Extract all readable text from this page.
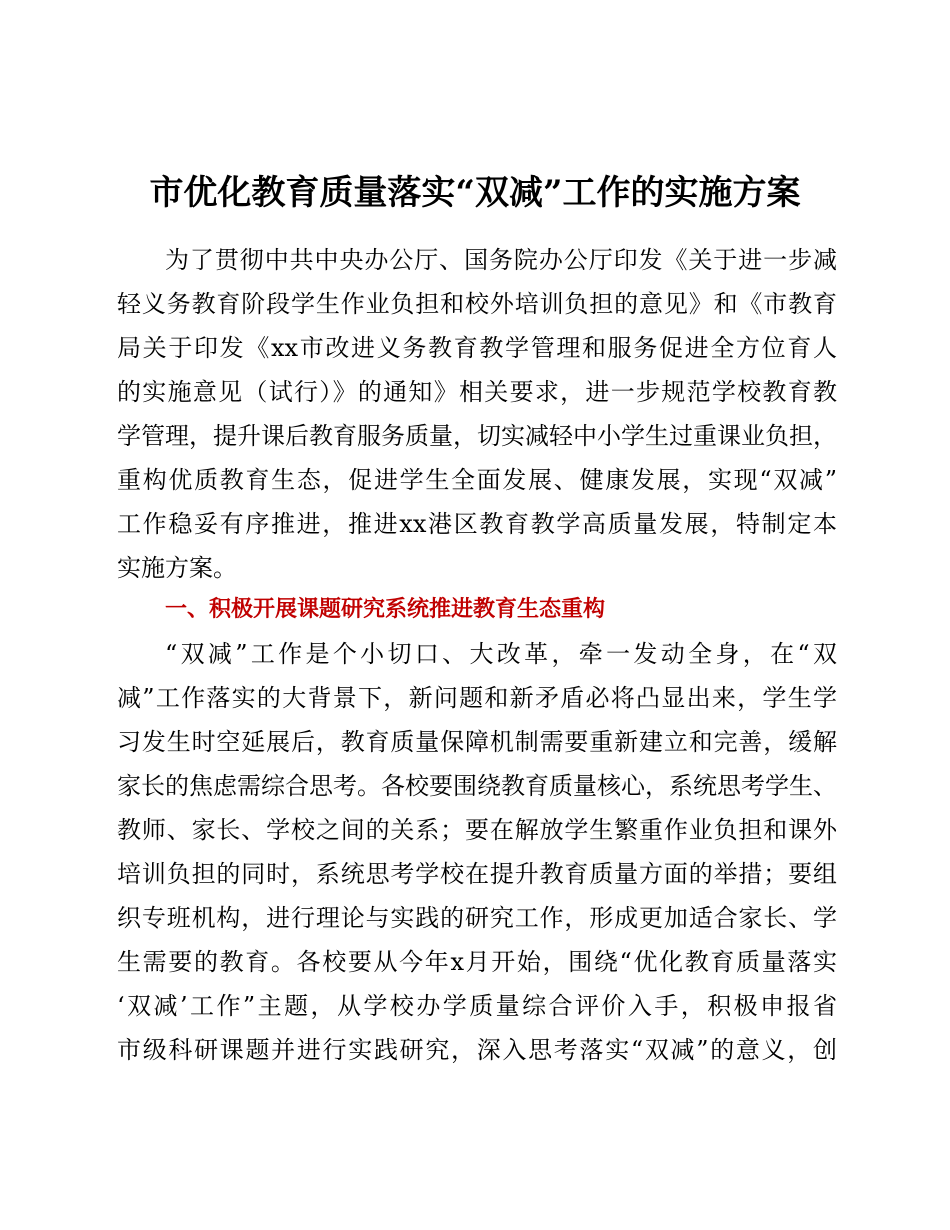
市优化教育质量落实“双减”工作的实施方案
为了贯彻中共中央办公厅、国务院办公厅印发《关于进一步减
轻义务教育阶段学生作业负担和校外培训负担的意见》和《市教育
局关于印发《xx市改进义务教育教学管理和服务促进全方位育人
的实施意见（试行）》的通知》相关要求，进一步规范学校教育教
学管理，提升课后教育服务质量，切实减轻中小学生过重课业负担，
重构优质教育生态，促进学生全面发展、健康发展，实现“双减”
工作稳妥有序推进，推进xx港区教育教学高质量发展，特制定本
实施方案。
一、积极开展课题研究系统推进教育生态重构
“双减”工作是个小切口、大改革，牵一发动全身，在“双
减”工作落实的大背景下，新问题和新矛盾必将凸显出来，学生学
习发生时空延展后，教育质量保障机制需要重新建立和完善，缓解
家长的焦虑需综合思考。各校要围绕教育质量核心，系统思考学生、
教师、家长、学校之间的关系；要在解放学生繁重作业负担和课外
培训负担的同时，系统思考学校在提升教育质量方面的举措；要组
织专班机构，进行理论与实践的研究工作，形成更加适合家长、学
生需要的教育。各校要从今年x月开始，围绕“优化教育质量落实
‘双减’工作”主题，从学校办学质量综合评价入手，积极申报省
市级科研课题并进行实践研究，深入思考落实“双减”的意义，创
